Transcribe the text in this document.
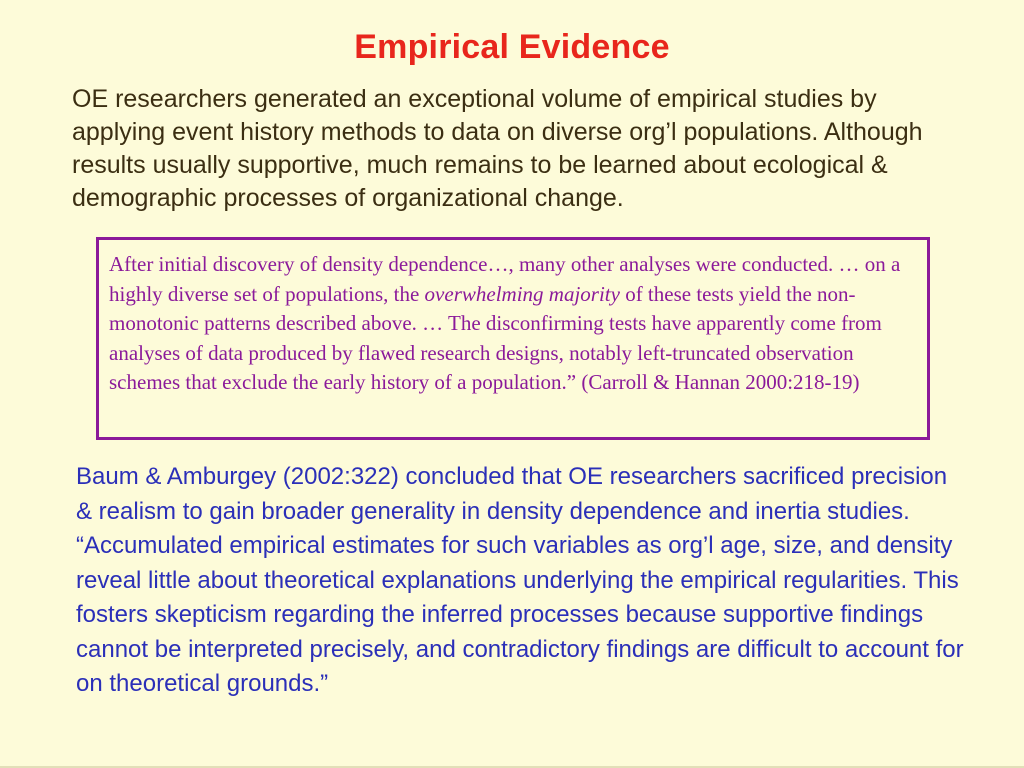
Empirical Evidence

OE researchers generated an exceptional volume of empirical studies by applying event history methods to data on diverse org’l populations. Although results usually supportive, much remains to be learned about ecological & demographic processes of organizational change.

After initial discovery of density dependence…, many other analyses were conducted. … on a highly diverse set of populations, the overwhelming majority of these tests yield the non-monotonic patterns described above. … The disconfirming tests have apparently come from analyses of data produced by flawed research designs, notably left-truncated observation schemes that exclude the early history of a population.” (Carroll & Hannan 2000:218-19)

Baum & Amburgey (2002:322) concluded that OE researchers sacrificed precision & realism to gain broader generality in density dependence and inertia studies. “Accumulated empirical estimates for such variables as org’l age, size, and density reveal little about theoretical explanations underlying the empirical regularities. This fosters skepticism regarding the inferred processes because supportive findings cannot be interpreted precisely, and contradictory findings are difficult to account for on theoretical grounds.”
